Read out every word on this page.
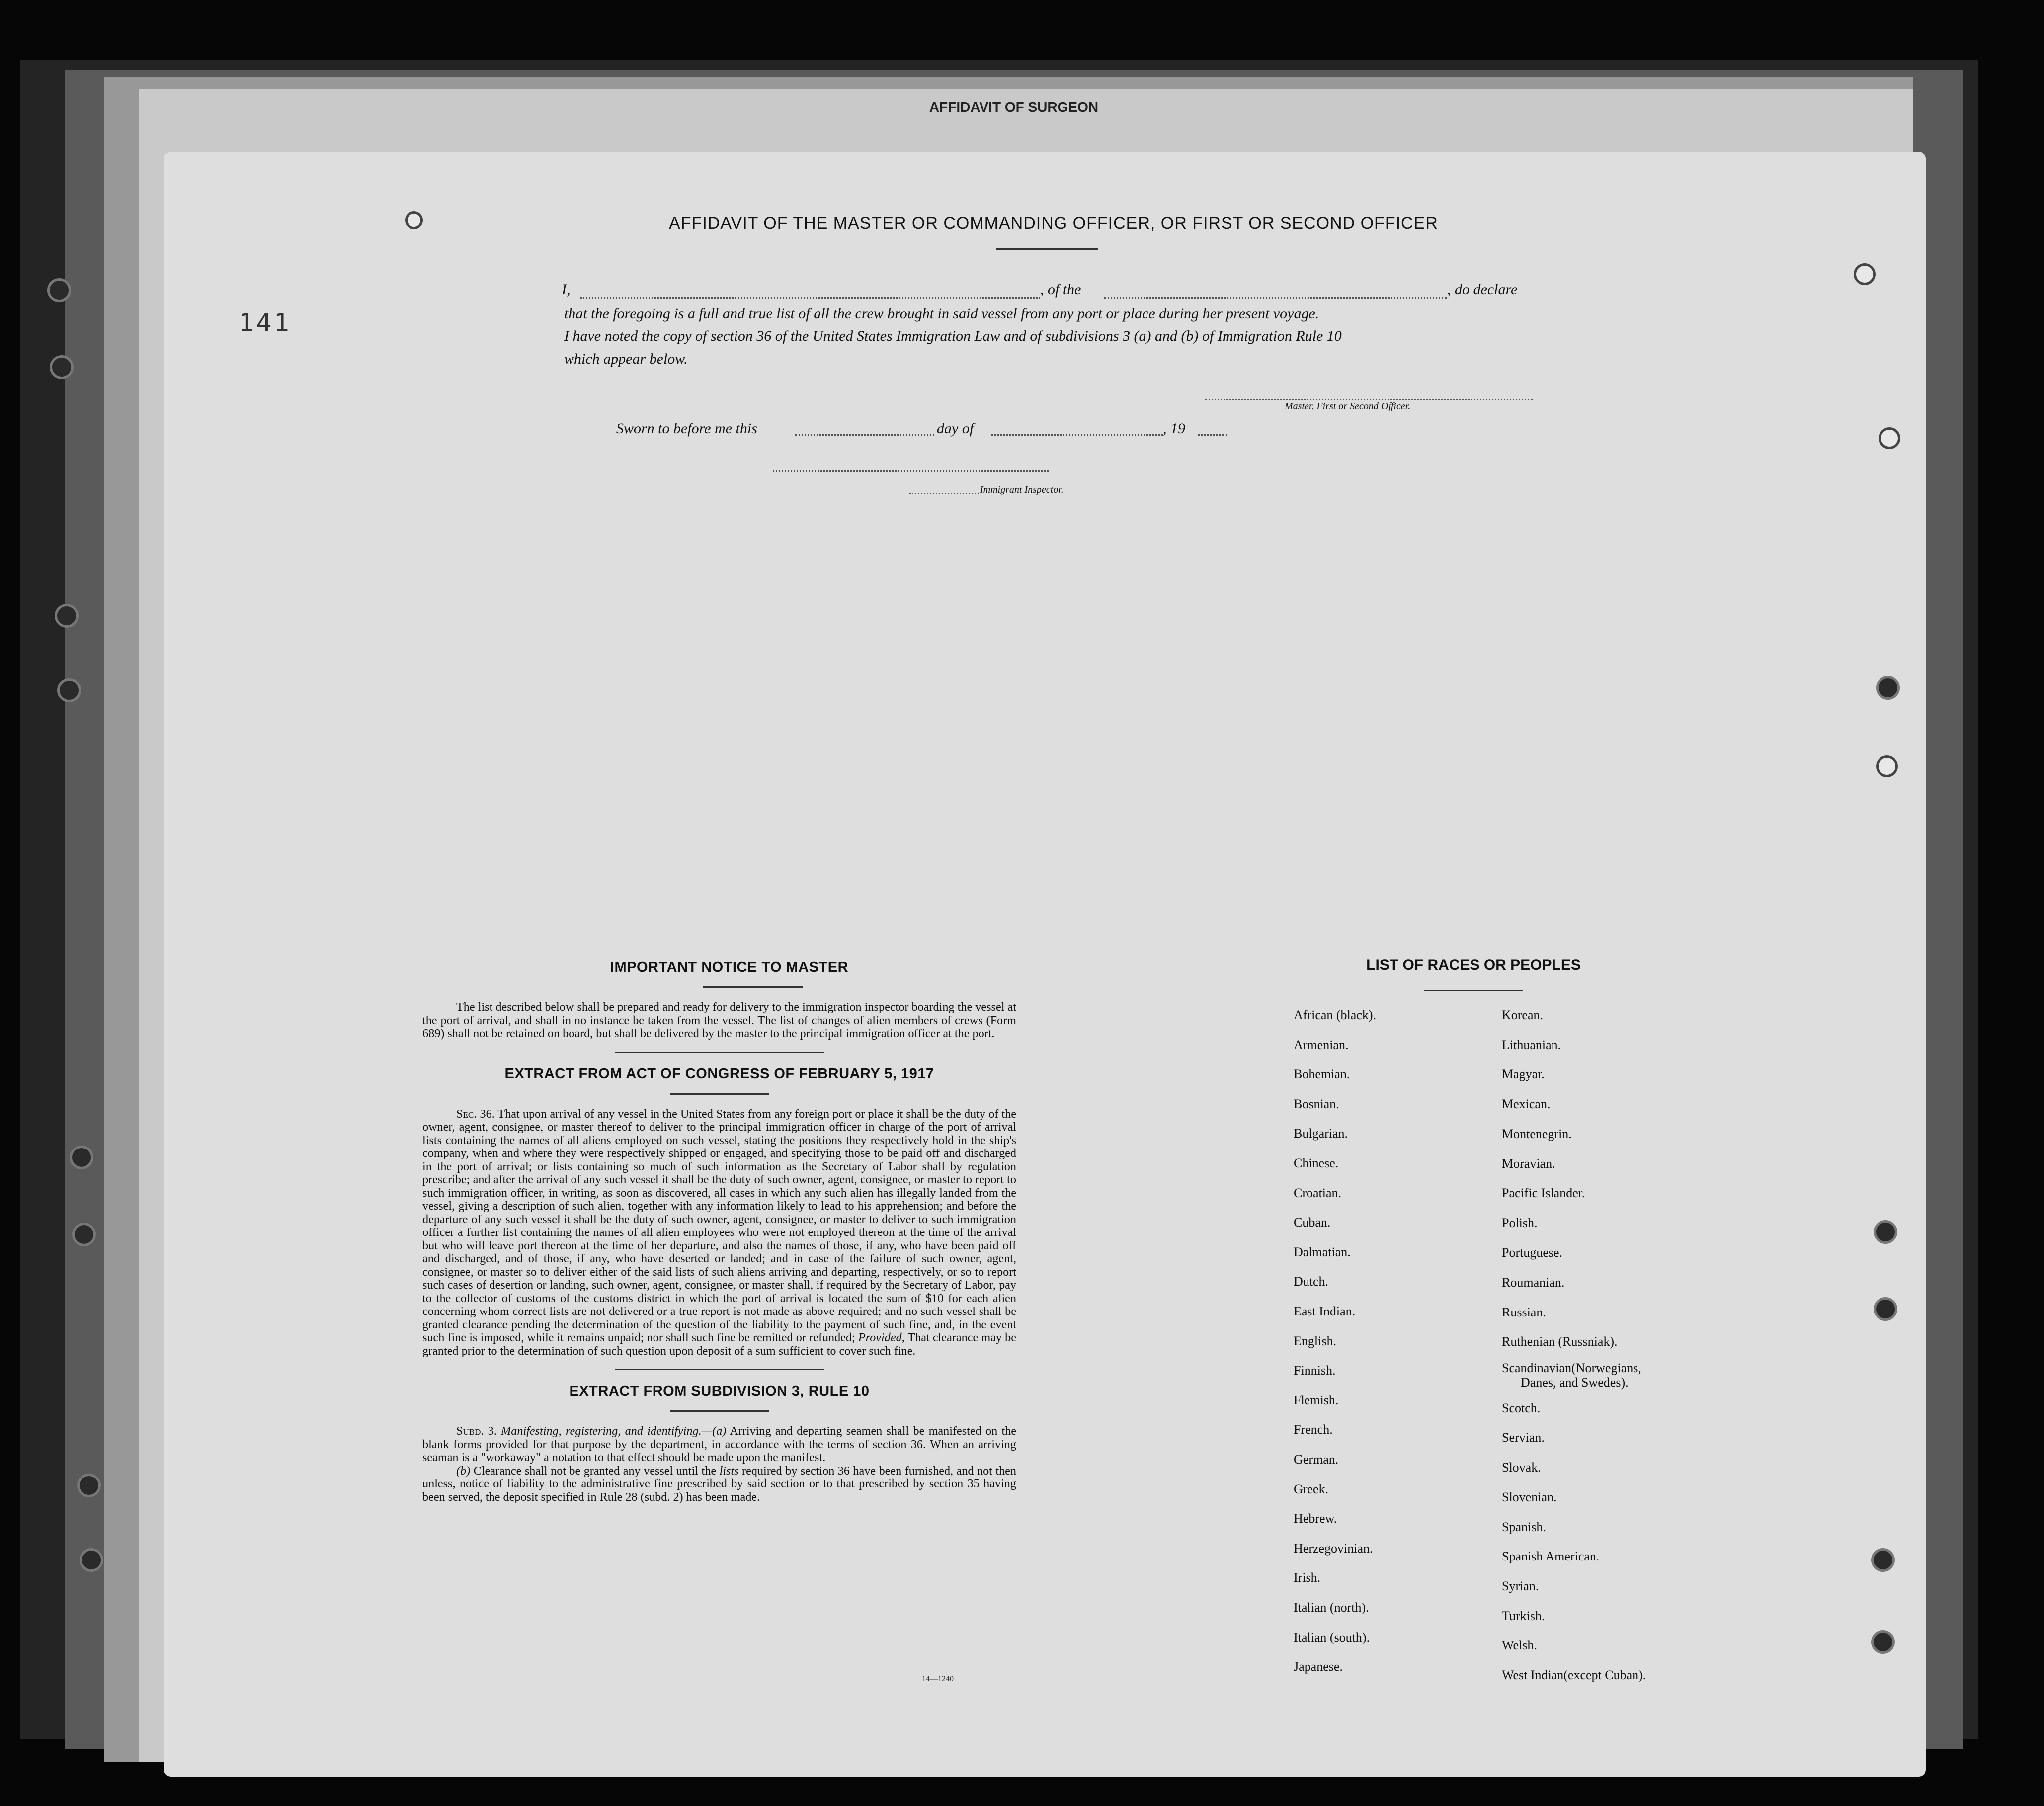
AFFIDAVIT OF SURGEON
141
AFFIDAVIT OF THE MASTER OR COMMANDING OFFICER, OR FIRST OR SECOND OFFICER
I,	, of the	, do declare
that the foregoing is a full and true list of all the crew brought in said vessel from any port or place during her present voyage.
I have noted the copy of section 36 of the United States Immigration Law and of subdivisions 3 (a) and (b) of Immigration Rule 10
which appear below.
Master, First or Second Officer.
Sworn to before me this	day of	, 19
Immigrant Inspector.

IMPORTANT NOTICE TO MASTER

The list described below shall be prepared and ready for delivery to the immigration inspector boarding the vessel at the port of arrival, and shall in no instance be taken from the vessel. The list of changes of alien members of crews (Form 689) shall not be retained on board, but shall be delivered by the master to the principal immigration officer at the port.

EXTRACT FROM ACT OF CONGRESS OF FEBRUARY 5, 1917

Sec. 36. That upon arrival of any vessel in the United States from any foreign port or place it shall be the duty of the owner, agent, consignee, or master thereof to deliver to the principal immigration officer in charge of the port of arrival lists containing the names of all aliens employed on such vessel, stating the positions they respectively hold in the ship's company, when and where they were respectively shipped or engaged, and specifying those to be paid off and discharged in the port of arrival; or lists containing so much of such information as the Secretary of Labor shall by regulation prescribe; and after the arrival of any such vessel it shall be the duty of such owner, agent, consignee, or master to report to such immigration officer, in writing, as soon as discovered, all cases in which any such alien has illegally landed from the vessel, giving a description of such alien, together with any information likely to lead to his apprehension; and before the departure of any such vessel it shall be the duty of such owner, agent, consignee, or master to deliver to such immigration officer a further list containing the names of all alien employees who were not employed thereon at the time of the arrival but who will leave port thereon at the time of her departure, and also the names of those, if any, who have been paid off and discharged, and of those, if any, who have deserted or landed; and in case of the failure of such owner, agent, consignee, or master so to deliver either of the said lists of such aliens arriving and departing, respectively, or so to report such cases of desertion or landing, such owner, agent, consignee, or master shall, if required by the Secretary of Labor, pay to the collector of customs of the customs district in which the port of arrival is located the sum of $10 for each alien concerning whom correct lists are not delivered or a true report is not made as above required; and no such vessel shall be granted clearance pending the determination of the question of the liability to the payment of such fine, and, in the event such fine is imposed, while it remains unpaid; nor shall such fine be remitted or refunded; Provided, That clearance may be granted prior to the determination of such question upon deposit of a sum sufficient to cover such fine.

EXTRACT FROM SUBDIVISION 3, RULE 10

Subd. 3. Manifesting, registering, and identifying.—(a) Arriving and departing seamen shall be manifested on the blank forms provided for that purpose by the department, in accordance with the terms of section 36. When an arriving seaman is a "workaway" a notation to that effect should be made upon the manifest.

(b) Clearance shall not be granted any vessel until the lists required by section 36 have been furnished, and not then unless, notice of liability to the administrative fine prescribed by said section or to that prescribed by section 35 having been served, the deposit specified in Rule 28 (subd. 2) has been made.

14—1240
LIST OF RACES OR PEOPLES
African (black).
Armenian.
Bohemian.
Bosnian.
Bulgarian.
Chinese.
Croatian.
Cuban.
Dalmatian.
Dutch.
East Indian.
English.
Finnish.
Flemish.
French.
German.
Greek.
Hebrew.
Herzegovinian.
Irish.
Italian (north).
Italian (south).
Japanese.
Korean.
Lithuanian.
Magyar.
Mexican.
Montenegrin.
Moravian.
Pacific Islander.
Polish.
Portuguese.
Roumanian.
Russian.
Ruthenian (Russniak).
Scandinavian(Norwegians,
Danes, and Swedes).
Scotch.
Servian.
Slovak.
Slovenian.
Spanish.
Spanish American.
Syrian.
Turkish.
Welsh.
West Indian(except Cuban).
